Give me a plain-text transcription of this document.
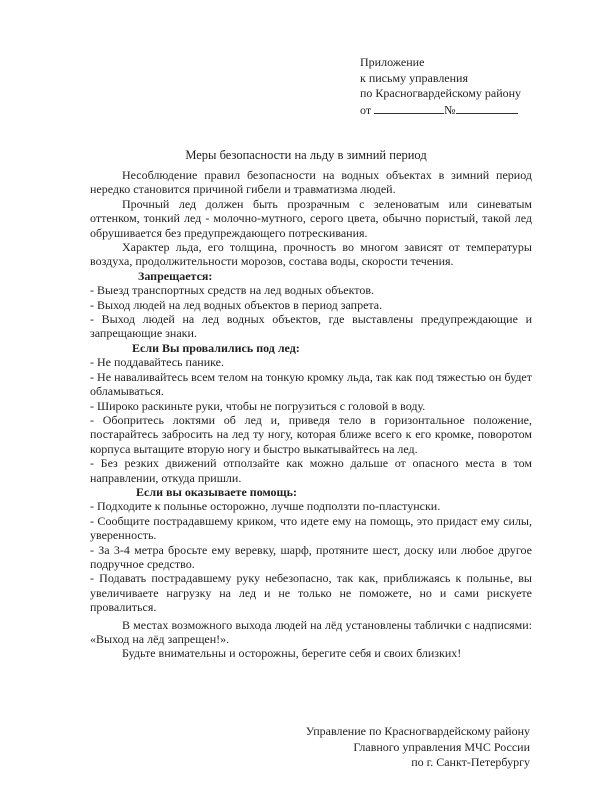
Приложение
к письму управления
по Красногвардейскому району
от	№
Меры безопасности на льду в зимний период

Несоблюдение правил безопасности на водных объектах в зимний период нередко становится причиной гибели и травматизма людей.

Прочный лед должен быть прозрачным с зеленоватым или синеватым оттенком, тонкий лед - молочно-мутного, серого цвета, обычно пористый, такой лед обрушивается без предупреждающего потрескивания.

Характер льда, его толщина, прочность во многом зависят от температуры воздуха, продолжительности морозов, состава воды, скорости течения.

Запрещается:

- Выезд транспортных средств на лед водных объектов.

- Выход людей на лед водных объектов в период запрета.

- Выход людей на лед водных объектов, где выставлены предупреждающие и запрещающие знаки.

Если Вы провалились под лед:

- Не поддавайтесь панике.

- Не наваливайтесь всем телом на тонкую кромку льда, так как под тяжестью он будет обламываться.

- Широко раскиньте руки, чтобы не погрузиться с головой в воду.

- Обопритесь локтями об лед и, приведя тело в горизонтальное положение, постарайтесь забросить на лед ту ногу, которая ближе всего к его кромке, поворотом корпуса вытащите вторую ногу и быстро выкатывайтесь на лед.

- Без резких движений отползайте как можно дальше от опасного места в том направлении, откуда пришли.

Если вы оказываете помощь:

- Подходите к полынье осторожно, лучше подползти по-пластунски.

- Сообщите пострадавшему криком, что идете ему на помощь, это придаст ему силы, уверенность.

- За 3-4 метра бросьте ему веревку, шарф, протяните шест, доску или любое другое подручное средство.

- Подавать пострадавшему руку небезопасно, так как, приближаясь к полынье, вы увеличиваете нагрузку на лед и не только не поможете, но и сами рискуете провалиться.

В местах возможного выхода людей на лёд установлены таблички с надписями: «Выход на лёд запрещен!».

Будьте внимательны и осторожны, берегите себя и своих близких!

Управление по Красногвардейскому району
Главного управления МЧС России
по г. Санкт-Петербургу
